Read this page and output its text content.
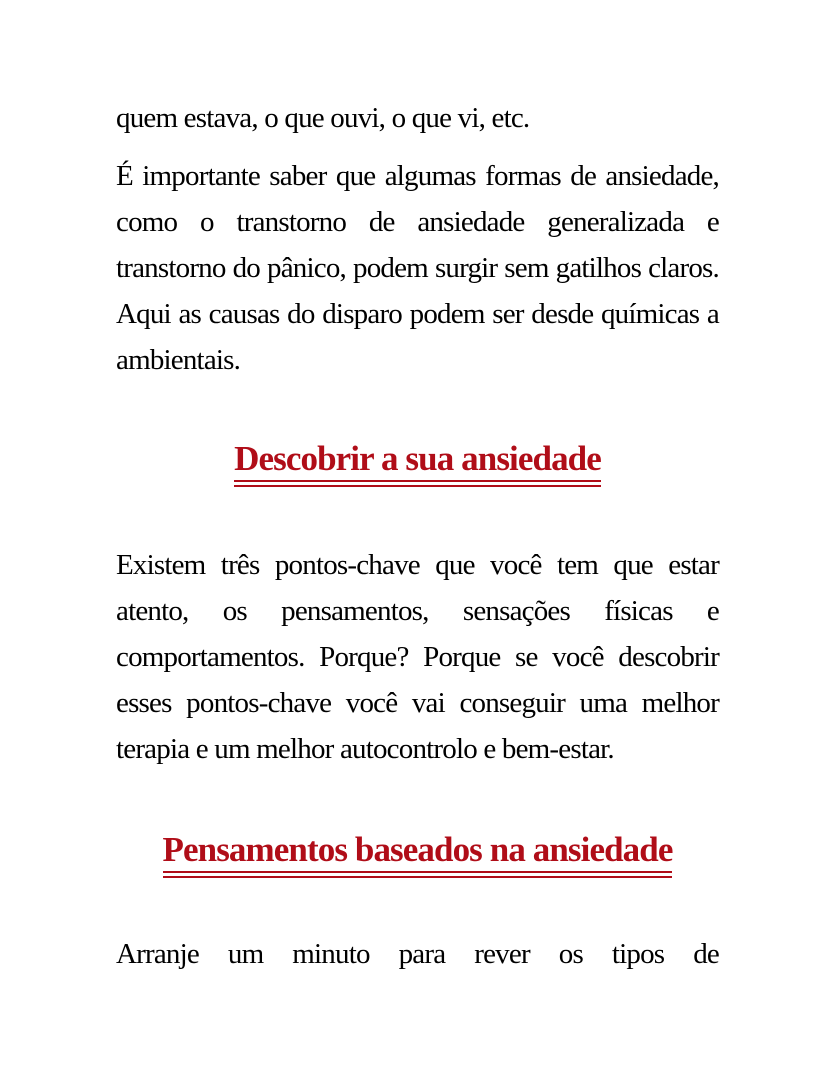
quem estava, o que ouvi, o que vi, etc.

É importante saber que algumas formas de ansiedade, como o transtorno de ansiedade generalizada e transtorno do pânico, podem surgir sem gatilhos claros. Aqui as causas do disparo podem ser desde químicas a ambientais.

Descobrir a sua ansiedade

Existem três pontos-chave que você tem que estar atento, os pensamentos, sensações físicas e comportamentos. Porque? Porque se você descobrir esses pontos-chave você vai conseguir uma melhor terapia e um melhor autocontrolo e bem-estar.

Pensamentos baseados na ansiedade

Arranje um minuto para rever os tipos de
